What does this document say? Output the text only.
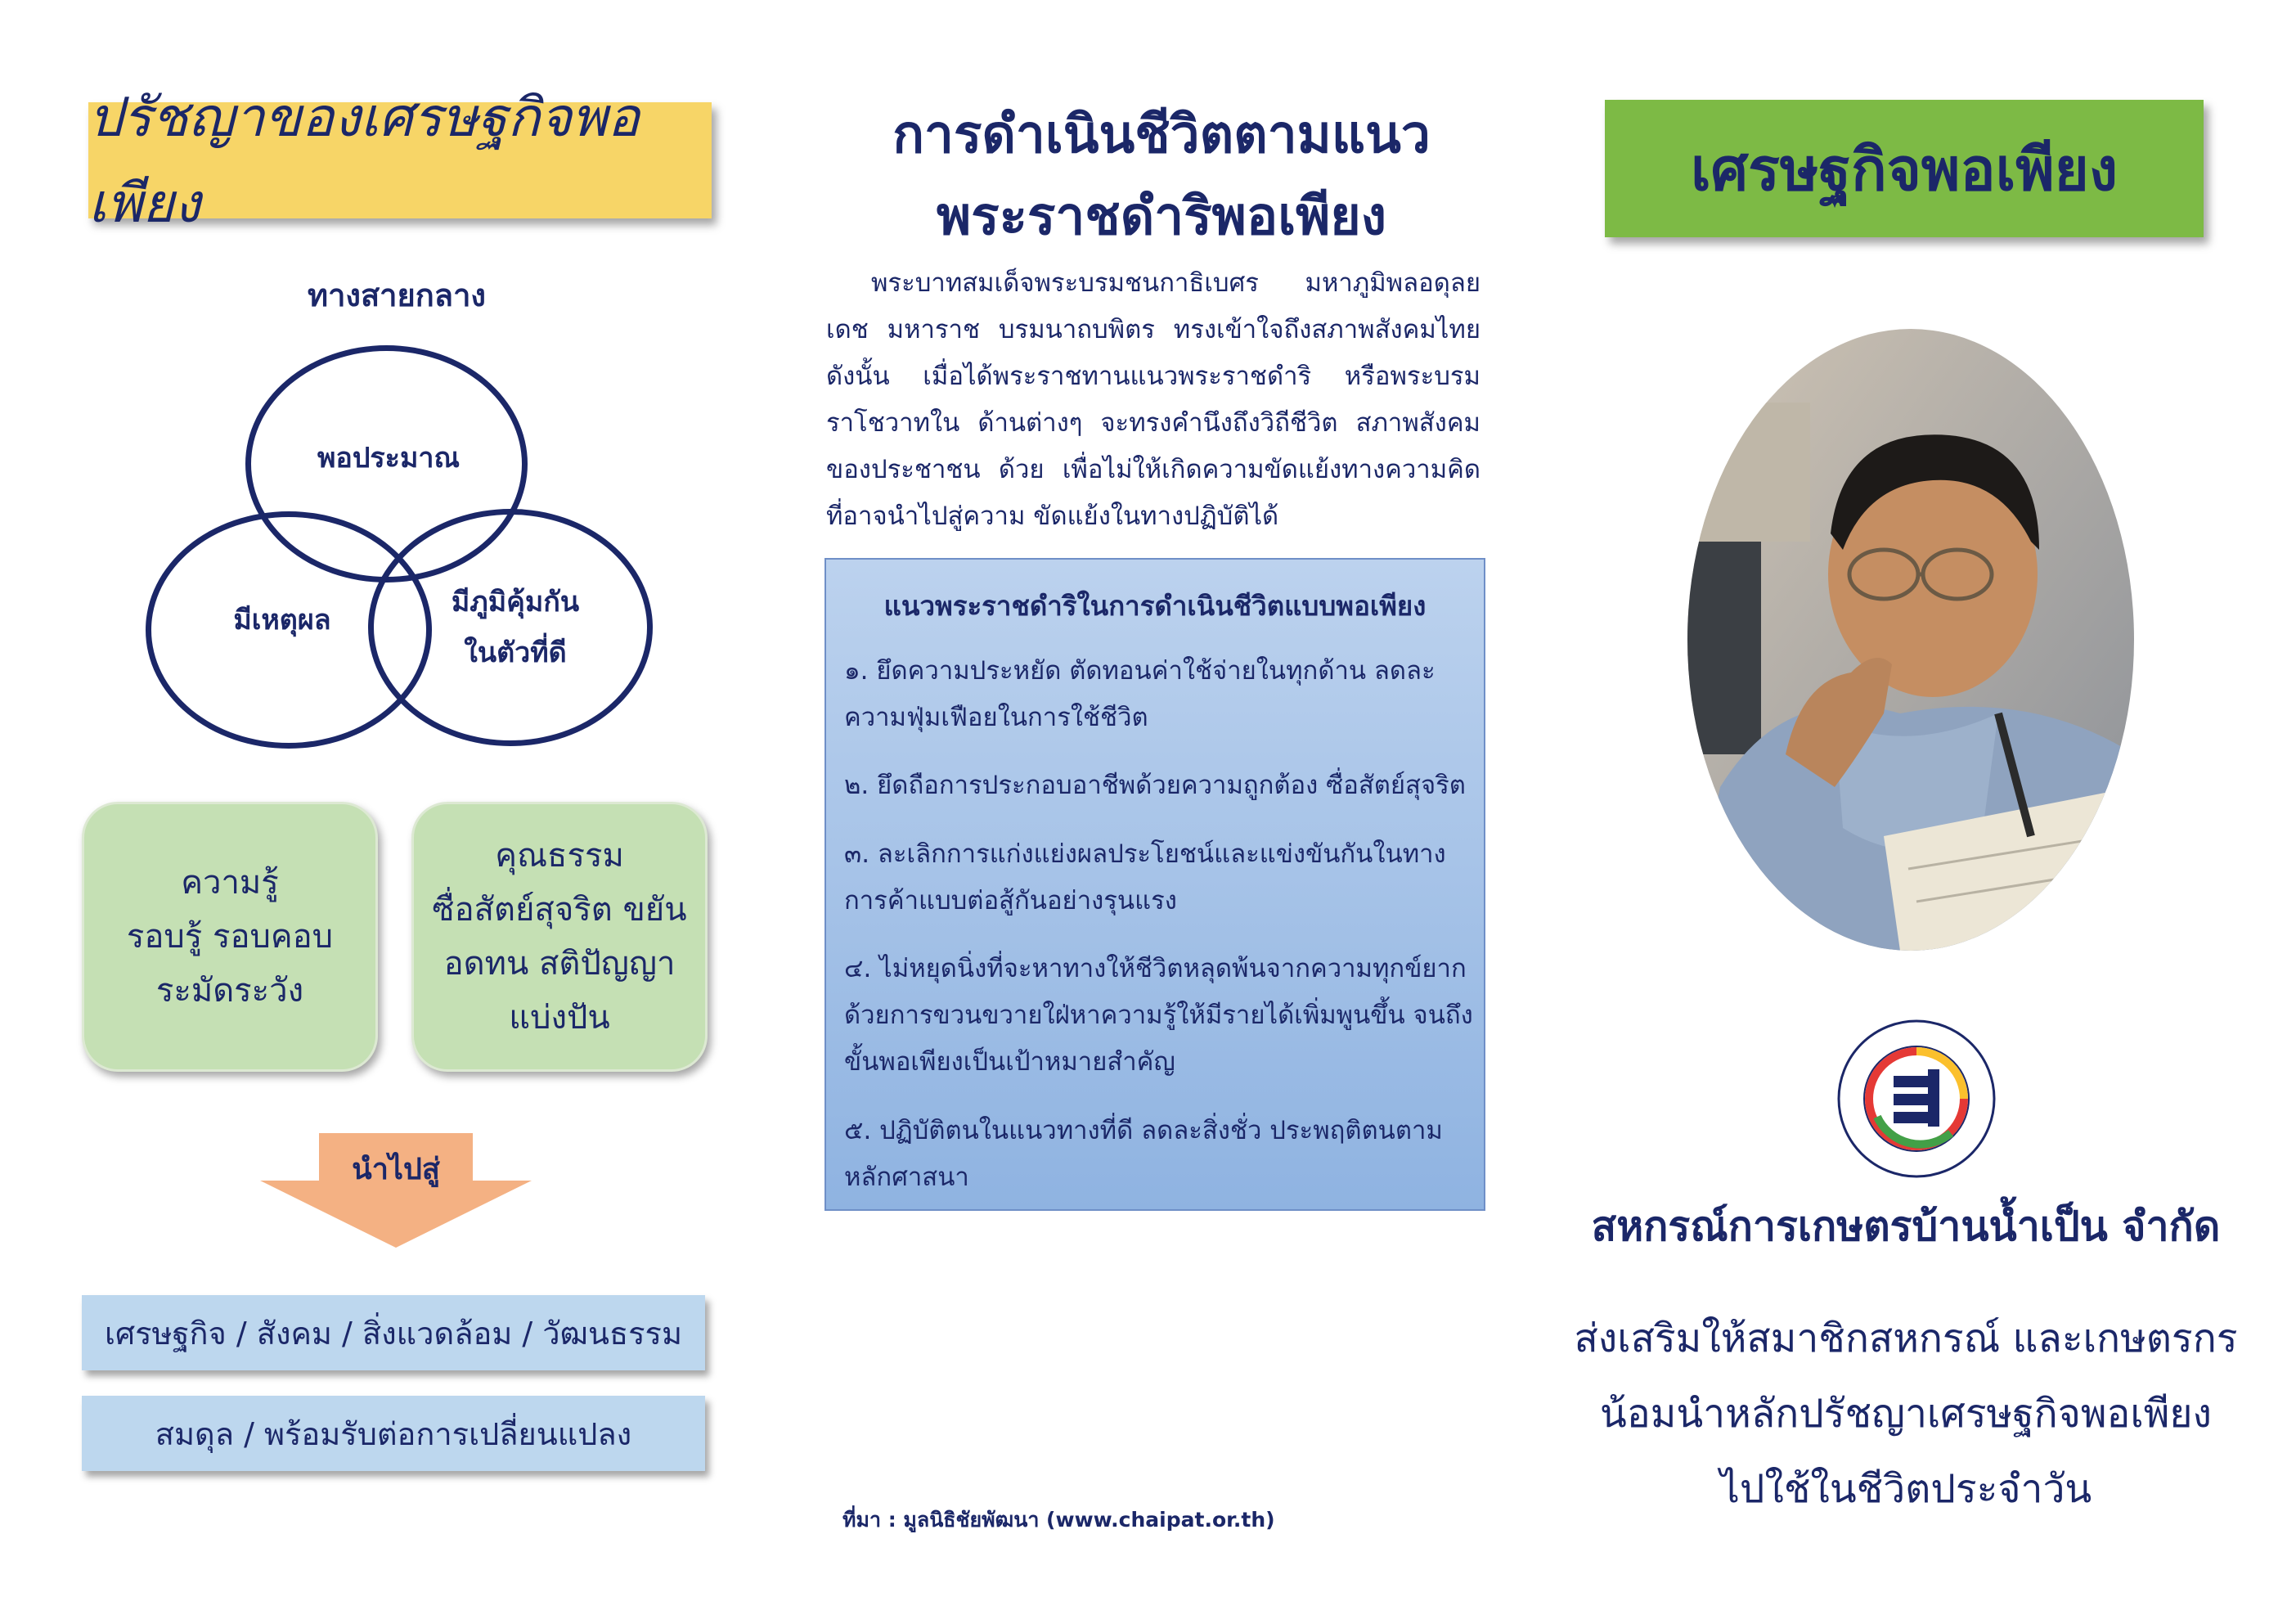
ปรัชญาของเศรษฐกิจพอเพียง
ทางสายกลาง
พอประมาณ
มีเหตุผล
มีภูมิคุ้มกัน
ในตัวที่ดี
ความรู้
รอบรู้ รอบคอบ
ระมัดระวัง
คุณธรรม
ซื่อสัตย์สุจริต ขยัน
อดทน สติปัญญา
แบ่งปัน
นำไปสู่
เศรษฐกิจ / สังคม / สิ่งแวดล้อม / วัฒนธรรม
สมดุล / พร้อมรับต่อการเปลี่ยนแปลง
การดำเนินชีวิตตามแนว
พระราชดำริพอเพียง
พระบาทสมเด็จพระบรมชนกาธิเบศร มหาภูมิพลอดุลยเดช มหาราช บรมนาถบพิตร ทรงเข้าใจถึงสภาพสังคมไทย ดังนั้น เมื่อได้พระราชทานแนวพระราชดำริ หรือพระบรมราโชวาทใน ด้านต่างๆ จะทรงคำนึงถึงวิถีชีวิต สภาพสังคมของประชาชน ด้วย เพื่อไม่ให้เกิดความขัดแย้งทางความคิด ที่อาจนำไปสู่ความ ขัดแย้งในทางปฏิบัติได้
แนวพระราชดำริในการดำเนินชีวิตแบบพอเพียง
๑. ยึดความประหยัด ตัดทอนค่าใช้จ่ายในทุกด้าน ลดละ ความฟุ่มเฟือยในการใช้ชีวิต
๒. ยึดถือการประกอบอาชีพด้วยความถูกต้อง ซื่อสัตย์สุจริต
๓. ละเลิกการแก่งแย่งผลประโยชน์และแข่งขันกันในทาง การค้าแบบต่อสู้กันอย่างรุนแรง
๔. ไม่หยุดนิ่งที่จะหาทางให้ชีวิตหลุดพ้นจากความทุกข์ยาก ด้วยการขวนขวายใฝ่หาความรู้ให้มีรายได้เพิ่มพูนขึ้น จนถึง ขั้นพอเพียงเป็นเป้าหมายสำคัญ
๕. ปฏิบัติตนในแนวทางที่ดี ลดละสิ่งชั่ว ประพฤติตนตาม หลักศาสนา
ที่มา : มูลนิธิชัยพัฒนา (www.chaipat.or.th)
เศรษฐกิจพอเพียง
สหกรณ์การเกษตรบ้านน้ำเป็น จำกัด
ส่งเสริมให้สมาชิกสหกรณ์ และเกษตรกร
น้อมนำหลักปรัชญาเศรษฐกิจพอเพียง
ไปใช้ในชีวิตประจำวัน
